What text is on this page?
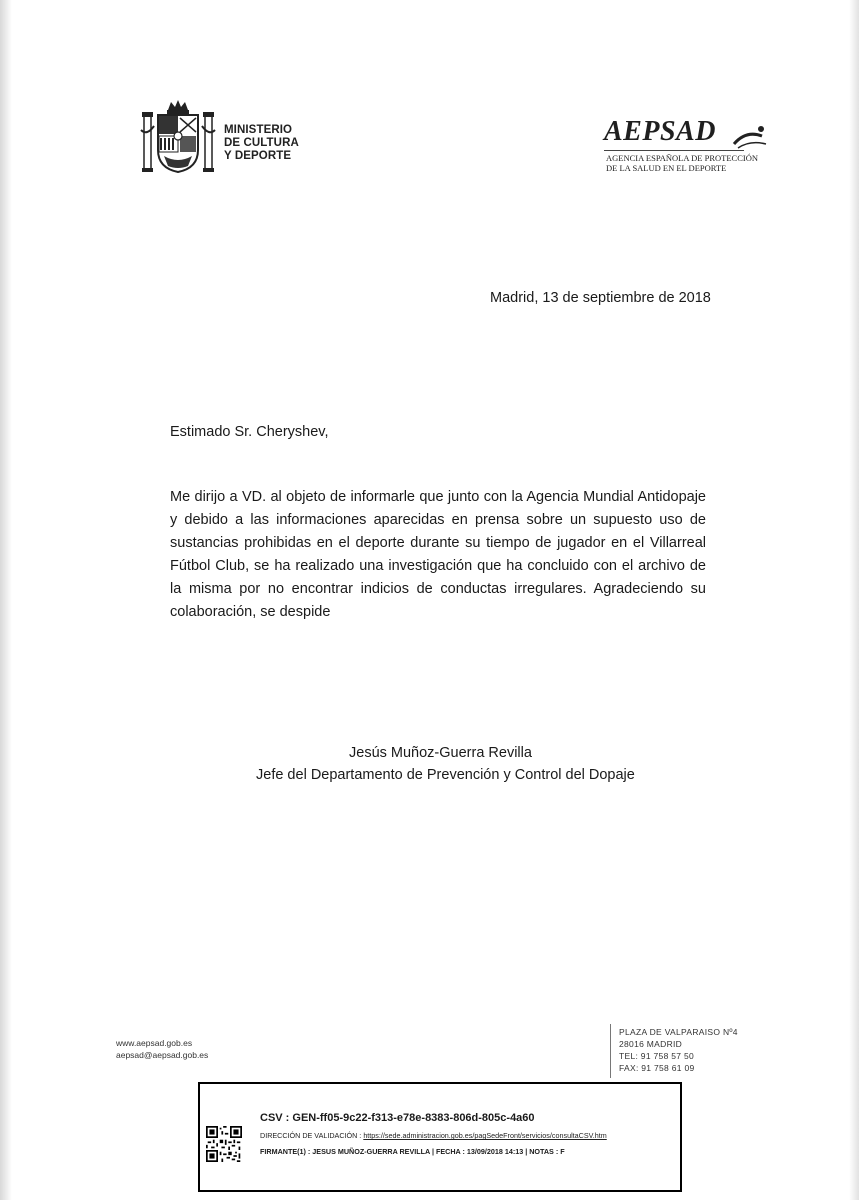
MINISTERIO
DE CULTURA
Y DEPORTE
AEPSAD
AGENCIA ESPAÑOLA DE PROTECCIÓN
DE LA SALUD EN EL DEPORTE
Madrid, 13 de septiembre de 2018
Estimado Sr. Cheryshev,
Me dirijo a VD. al objeto de informarle que junto con la Agencia Mundial Antidopaje y debido a las informaciones aparecidas en prensa sobre un supuesto uso de sustancias prohibidas en el deporte durante su tiempo de jugador en el Villarreal Fútbol Club, se ha realizado una investigación que ha concluido con el archivo de la misma por no encontrar indicios de conductas irregulares. Agradeciendo su colaboración, se despide
Jesús Muñoz-Guerra Revilla
Jefe del Departamento de Prevención y Control del Dopaje
www.aepsad.gob.es
aepsad@aepsad.gob.es
PLAZA DE VALPARAISO Nº4
28016 MADRID
TEL: 91 758 57 50
FAX: 91 758 61 09
CSV : GEN-ff05-9c22-f313-e78e-8383-806d-805c-4a60
DIRECCIÓN DE VALIDACIÓN : https://sede.administracion.gob.es/pagSedeFront/servicios/consultaCSV.htm
FIRMANTE(1) : JESUS MUÑOZ-GUERRA REVILLA | FECHA : 13/09/2018 14:13 | NOTAS : F
